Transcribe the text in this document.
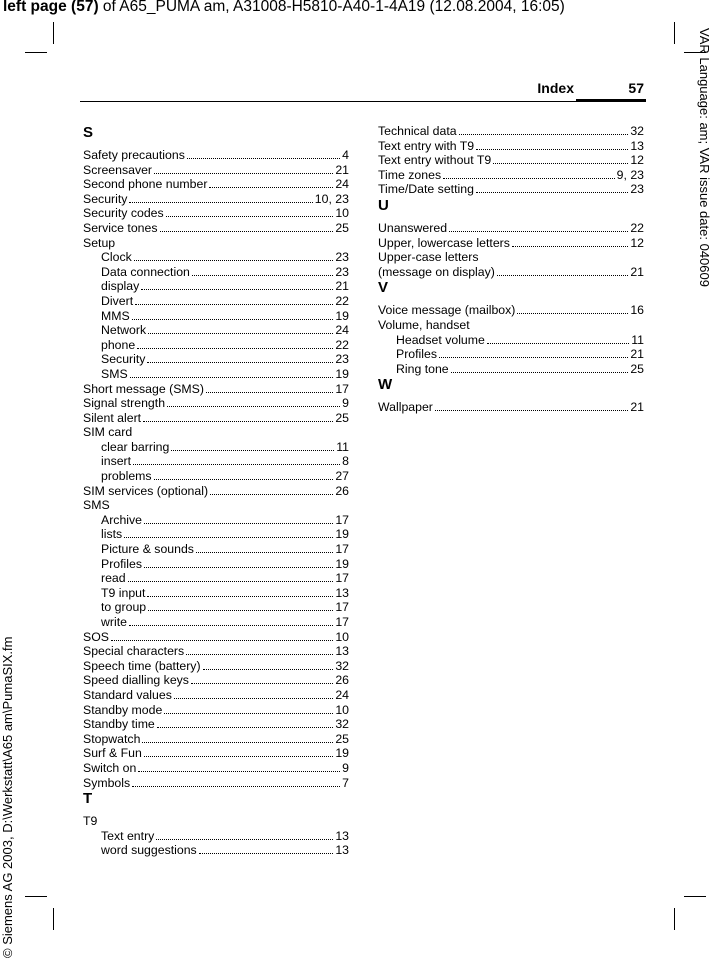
left page (57) of A65_PUMA am, A31008-H5810-A40-1-4A19 (12.08.2004, 16:05)
Index	57	VAR Language: am; VAR issue date: 040609
© Siemens AG 2003, D:\Werkstatt\A65 am\PumaSIX.fm
S
Safety precautions	4
Screensaver	21
Second phone number	24
Security	10, 23
Security codes	10
Service tones	25
Setup
Clock	23
Data connection	23
display	21
Divert	22
MMS	19
Network	24
phone	22
Security	23
SMS	19
Short message (SMS)	17
Signal strength	9
Silent alert	25
SIM card
clear barring	11
insert	8
problems	27
SIM services (optional)	26
SMS
Archive	17
lists	19
Picture & sounds	17
Profiles	19
read	17
T9 input	13
to group	17
write	17
SOS	10
Special characters	13
Speech time (battery)	32
Speed dialling keys	26
Standard values	24
Standby mode	10
Standby time	32
Stopwatch	25
Surf & Fun	19
Switch on	9
Symbols	7
T
T9
Text entry	13
word suggestions	13
Technical data	32
Text entry with T9	13
Text entry without T9	12
Time zones	9, 23
Time/Date setting	23
U
Unanswered	22
Upper, lowercase letters	12
Upper-case letters
(message on display)	21
V
Voice message (mailbox)	16
Volume, handset
Headset volume	11
Profiles	21
Ring tone	25
W
Wallpaper	21
